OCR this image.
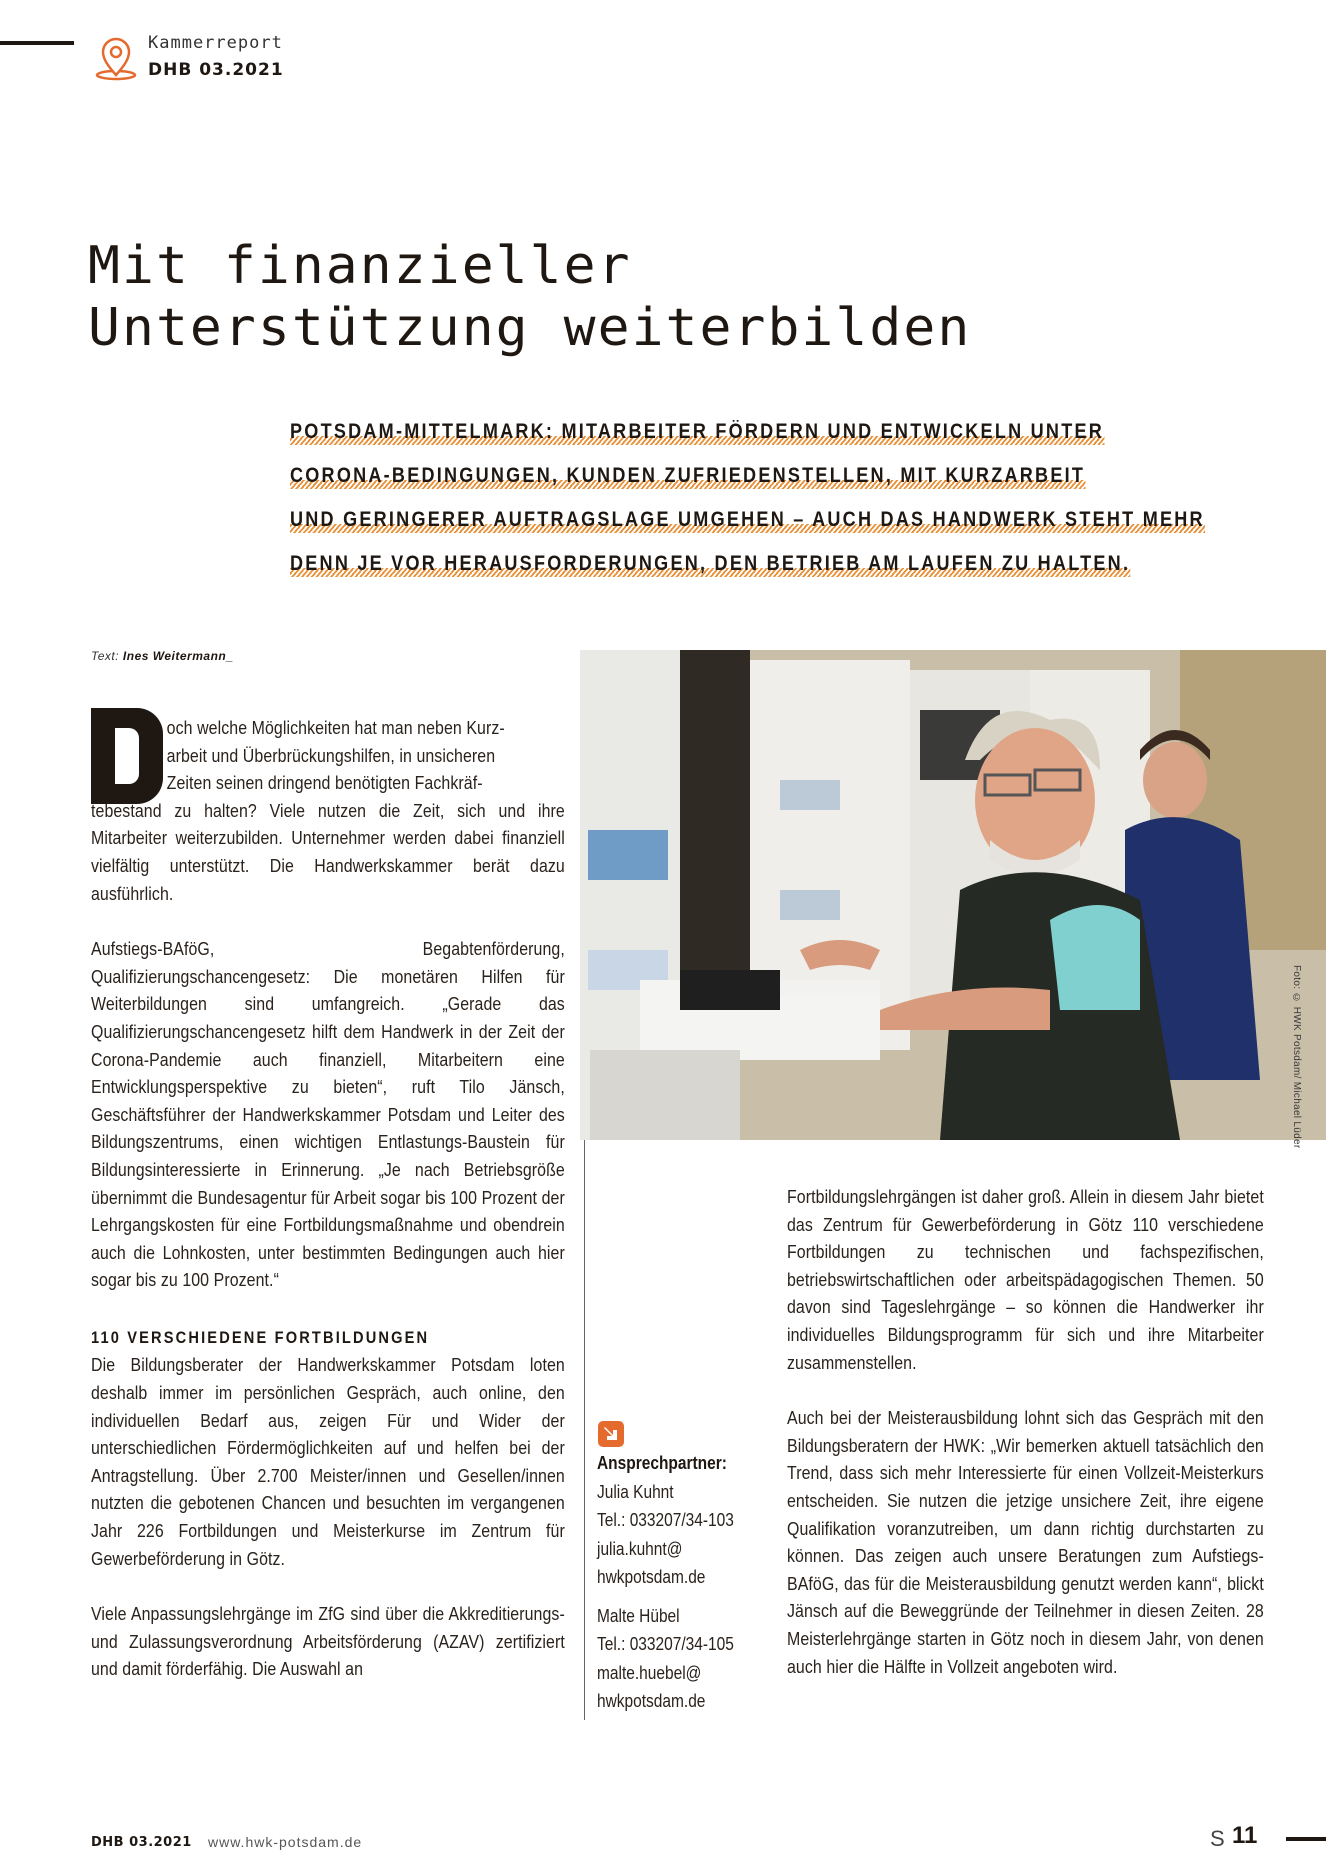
Kammerreport
DHB 03.2021
Mit finanzieller
Unterstützung weiterbilden
POTSDAM-MITTELMARK: MITARBEITER FÖRDERN UND ENTWICKELN UNTER
CORONA-BEDINGUNGEN, KUNDEN ZUFRIEDENSTELLEN, MIT KURZARBEIT
UND GERINGERER AUFTRAGSLAGE UMGEHEN – AUCH DAS HANDWERK STEHT MEHR
DENN JE VOR HERAUSFORDERUNGEN, DEN BETRIEB AM LAUFEN ZU HALTEN.
Text: Ines Weitermann_
och welche Möglichkeiten hat man neben Kurz-
arbeit und Überbrückungshilfen, in unsicheren
Zeiten seinen dringend benötigten Fachkräf-

tebestand zu halten? Viele nutzen die Zeit, sich und ihre Mitarbeiter weiterzubilden. Unternehmer werden dabei finanziell vielfältig unterstützt. Die Handwerkskammer berät dazu ausführlich.

Aufstiegs-BAföG, Begabtenförderung, Qualifizierungschancengesetz: Die monetären Hilfen für Weiterbildungen sind umfangreich. „Gerade das Qualifizierungschancengesetz hilft dem Handwerk in der Zeit der Corona-Pandemie auch finanziell, Mitarbeitern eine Entwicklungsperspektive zu bieten“, ruft Tilo Jänsch, Geschäftsführer der Handwerkskammer Potsdam und Leiter des Bildungszentrums, einen wichtigen Entlastungs-Baustein für Bildungsinteressierte in Erinnerung. „Je nach Betriebsgröße übernimmt die Bundesagentur für Arbeit sogar bis 100 Prozent der Lehrgangskosten für eine Fortbildungsmaßnahme und obendrein auch die Lohnkosten, unter bestimmten Bedingungen auch hier sogar bis zu 100 Prozent.“

110 VERSCHIEDENE FORTBILDUNGEN

Die Bildungsberater der Handwerkskammer Potsdam loten deshalb immer im persönlichen Gespräch, auch online, den individuellen Bedarf aus, zeigen Für und Wider der unterschiedlichen Fördermöglichkeiten auf und helfen bei der Antragstellung. Über 2.700 Meister/innen und Gesellen/innen nutzten die gebotenen Chancen und besuchten im vergangenen Jahr 226 Fortbildungen und Meisterkurse im Zentrum für Gewerbeförderung in Götz.

Viele Anpassungslehrgänge im ZfG sind über die Akkreditierungs- und Zulassungsverordnung Arbeitsförderung (AZAV) zertifiziert und damit förderfähig. Die Auswahl an

Foto: © HWK Potsdam/ Michael Lüder
Ansprechpartner:
Julia Kuhnt
Tel.: 033207/34-103
julia.kuhnt@
hwkpotsdam.de
Malte Hübel
Tel.: 033207/34-105
malte.huebel@
hwkpotsdam.de

Fortbildungslehrgängen ist daher groß. Allein in diesem Jahr bietet das Zentrum für Gewerbeförderung in Götz 110 verschiedene Fortbildungen zu technischen und fachspezifischen, betriebswirtschaftlichen oder arbeitspädagogischen Themen. 50 davon sind Tageslehrgänge – so können die Handwerker ihr individuelles Bildungsprogramm für sich und ihre Mitarbeiter zusammenstellen.

Auch bei der Meisterausbildung lohnt sich das Gespräch mit den Bildungsberatern der HWK: „Wir bemerken aktuell tatsächlich den Trend, dass sich mehr Interessierte für einen Vollzeit-Meisterkurs entscheiden. Sie nutzen die jetzige unsichere Zeit, ihre eigene Qualifikation voranzutreiben, um dann richtig durchstarten zu können. Das zeigen auch unsere Beratungen zum Aufstiegs-BAföG, das für die Meisterausbildung genutzt werden kann“, blickt Jänsch auf die Beweggründe der Teilnehmer in diesen Zeiten. 28 Meisterlehrgänge starten in Götz noch in diesem Jahr, von denen auch hier die Hälfte in Vollzeit angeboten wird.

DHB 03.2021 www.hwk-potsdam.de	S 11
